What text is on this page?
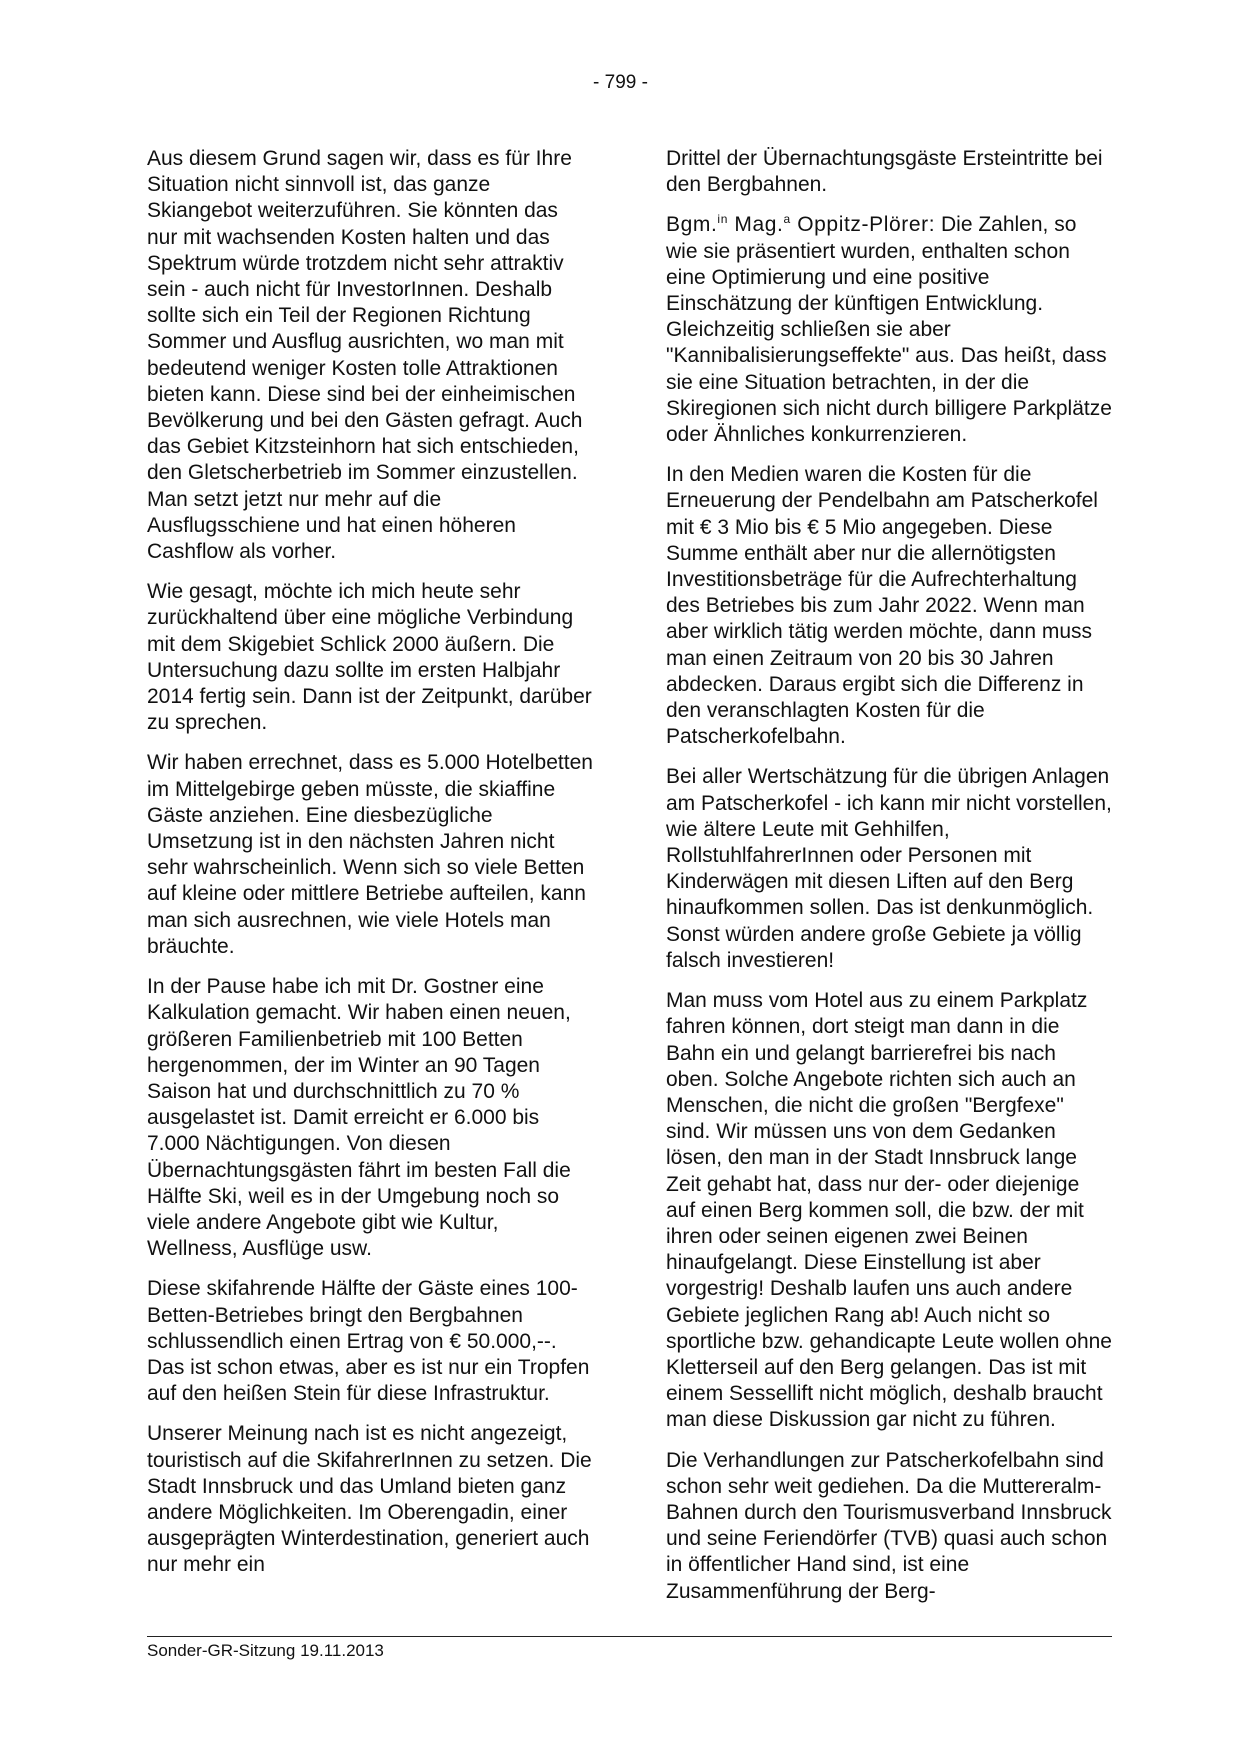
- 799 -

Aus diesem Grund sagen wir, dass es für Ihre Situation nicht sinnvoll ist, das ganze Skiangebot weiterzuführen. Sie könnten das nur mit wachsenden Kosten halten und das Spektrum würde trotzdem nicht sehr attraktiv sein - auch nicht für InvestorInnen. Deshalb sollte sich ein Teil der Regionen Richtung Sommer und Ausflug ausrichten, wo man mit bedeutend weniger Kosten tolle Attraktionen bieten kann. Diese sind bei der einheimischen Bevölkerung und bei den Gästen gefragt. Auch das Gebiet Kitzsteinhorn hat sich entschieden, den Gletscherbetrieb im Sommer einzustellen. Man setzt jetzt nur mehr auf die Ausflugsschiene und hat einen höheren Cashflow als vorher.

Wie gesagt, möchte ich mich heute sehr zurückhaltend über eine mögliche Verbindung mit dem Skigebiet Schlick 2000 äußern. Die Untersuchung dazu sollte im ersten Halbjahr 2014 fertig sein. Dann ist der Zeitpunkt, darüber zu sprechen.

Wir haben errechnet, dass es 5.000 Hotelbetten im Mittelgebirge geben müsste, die skiaffine Gäste anziehen. Eine diesbezügliche Umsetzung ist in den nächsten Jahren nicht sehr wahrscheinlich. Wenn sich so viele Betten auf kleine oder mittlere Betriebe aufteilen, kann man sich ausrechnen, wie viele Hotels man bräuchte.

In der Pause habe ich mit Dr. Gostner eine Kalkulation gemacht. Wir haben einen neuen, größeren Familienbetrieb mit 100 Betten hergenommen, der im Winter an 90 Tagen Saison hat und durchschnittlich zu 70 % ausgelastet ist. Damit erreicht er 6.000 bis 7.000 Nächtigungen. Von diesen Übernachtungsgästen fährt im besten Fall die Hälfte Ski, weil es in der Umgebung noch so viele andere Angebote gibt wie Kultur, Wellness, Ausflüge usw.

Diese skifahrende Hälfte der Gäste eines 100-Betten-Betriebes bringt den Bergbahnen schlussendlich einen Ertrag von € 50.000,--. Das ist schon etwas, aber es ist nur ein Tropfen auf den heißen Stein für diese Infrastruktur.

Unserer Meinung nach ist es nicht angezeigt, touristisch auf die SkifahrerInnen zu setzen. Die Stadt Innsbruck und das Umland bieten ganz andere Möglichkeiten. Im Oberengadin, einer ausgeprägten Winterdestination, generiert auch nur mehr ein

Drittel der Übernachtungsgäste Ersteintritte bei den Bergbahnen.

Bgm.$^{in}$ Mag.$^a$ Oppitz-Plörer: Die Zahlen, so wie sie präsentiert wurden, enthalten schon eine Optimierung und eine positive Einschätzung der künftigen Entwicklung. Gleichzeitig schließen sie aber "Kannibalisierungseffekte" aus. Das heißt, dass sie eine Situation betrachten, in der die Skiregionen sich nicht durch billigere Parkplätze oder Ähnliches konkurrenzieren.

In den Medien waren die Kosten für die Erneuerung der Pendelbahn am Patscherkofel mit € 3 Mio bis € 5 Mio angegeben. Diese Summe enthält aber nur die allernötigsten Investitionsbeträge für die Aufrechterhaltung des Betriebes bis zum Jahr 2022. Wenn man aber wirklich tätig werden möchte, dann muss man einen Zeitraum von 20 bis 30 Jahren abdecken. Daraus ergibt sich die Differenz in den veranschlagten Kosten für die Patscherkofelbahn.

Bei aller Wertschätzung für die übrigen Anlagen am Patscherkofel - ich kann mir nicht vorstellen, wie ältere Leute mit Gehhilfen, RollstuhlfahrerInnen oder Personen mit Kinderwägen mit diesen Liften auf den Berg hinaufkommen sollen. Das ist denkunmöglich. Sonst würden andere große Gebiete ja völlig falsch investieren!

Man muss vom Hotel aus zu einem Parkplatz fahren können, dort steigt man dann in die Bahn ein und gelangt barrierefrei bis nach oben. Solche Angebote richten sich auch an Menschen, die nicht die großen "Bergfexe" sind. Wir müssen uns von dem Gedanken lösen, den man in der Stadt Innsbruck lange Zeit gehabt hat, dass nur der- oder diejenige auf einen Berg kommen soll, die bzw. der mit ihren oder seinen eigenen zwei Beinen hinaufgelangt. Diese Einstellung ist aber vorgestrig! Deshalb laufen uns auch andere Gebiete jeglichen Rang ab! Auch nicht so sportliche bzw. gehandicapte Leute wollen ohne Kletterseil auf den Berg gelangen. Das ist mit einem Sessellift nicht möglich, deshalb braucht man diese Diskussion gar nicht zu führen.

Die Verhandlungen zur Patscherkofelbahn sind schon sehr weit gediehen. Da die Muttereralm-Bahnen durch den Tourismusverband Innsbruck und seine Feriendörfer (TVB) quasi auch schon in öffentlicher Hand sind, ist eine Zusammenführung der Berg-

Sonder-GR-Sitzung 19.11.2013
